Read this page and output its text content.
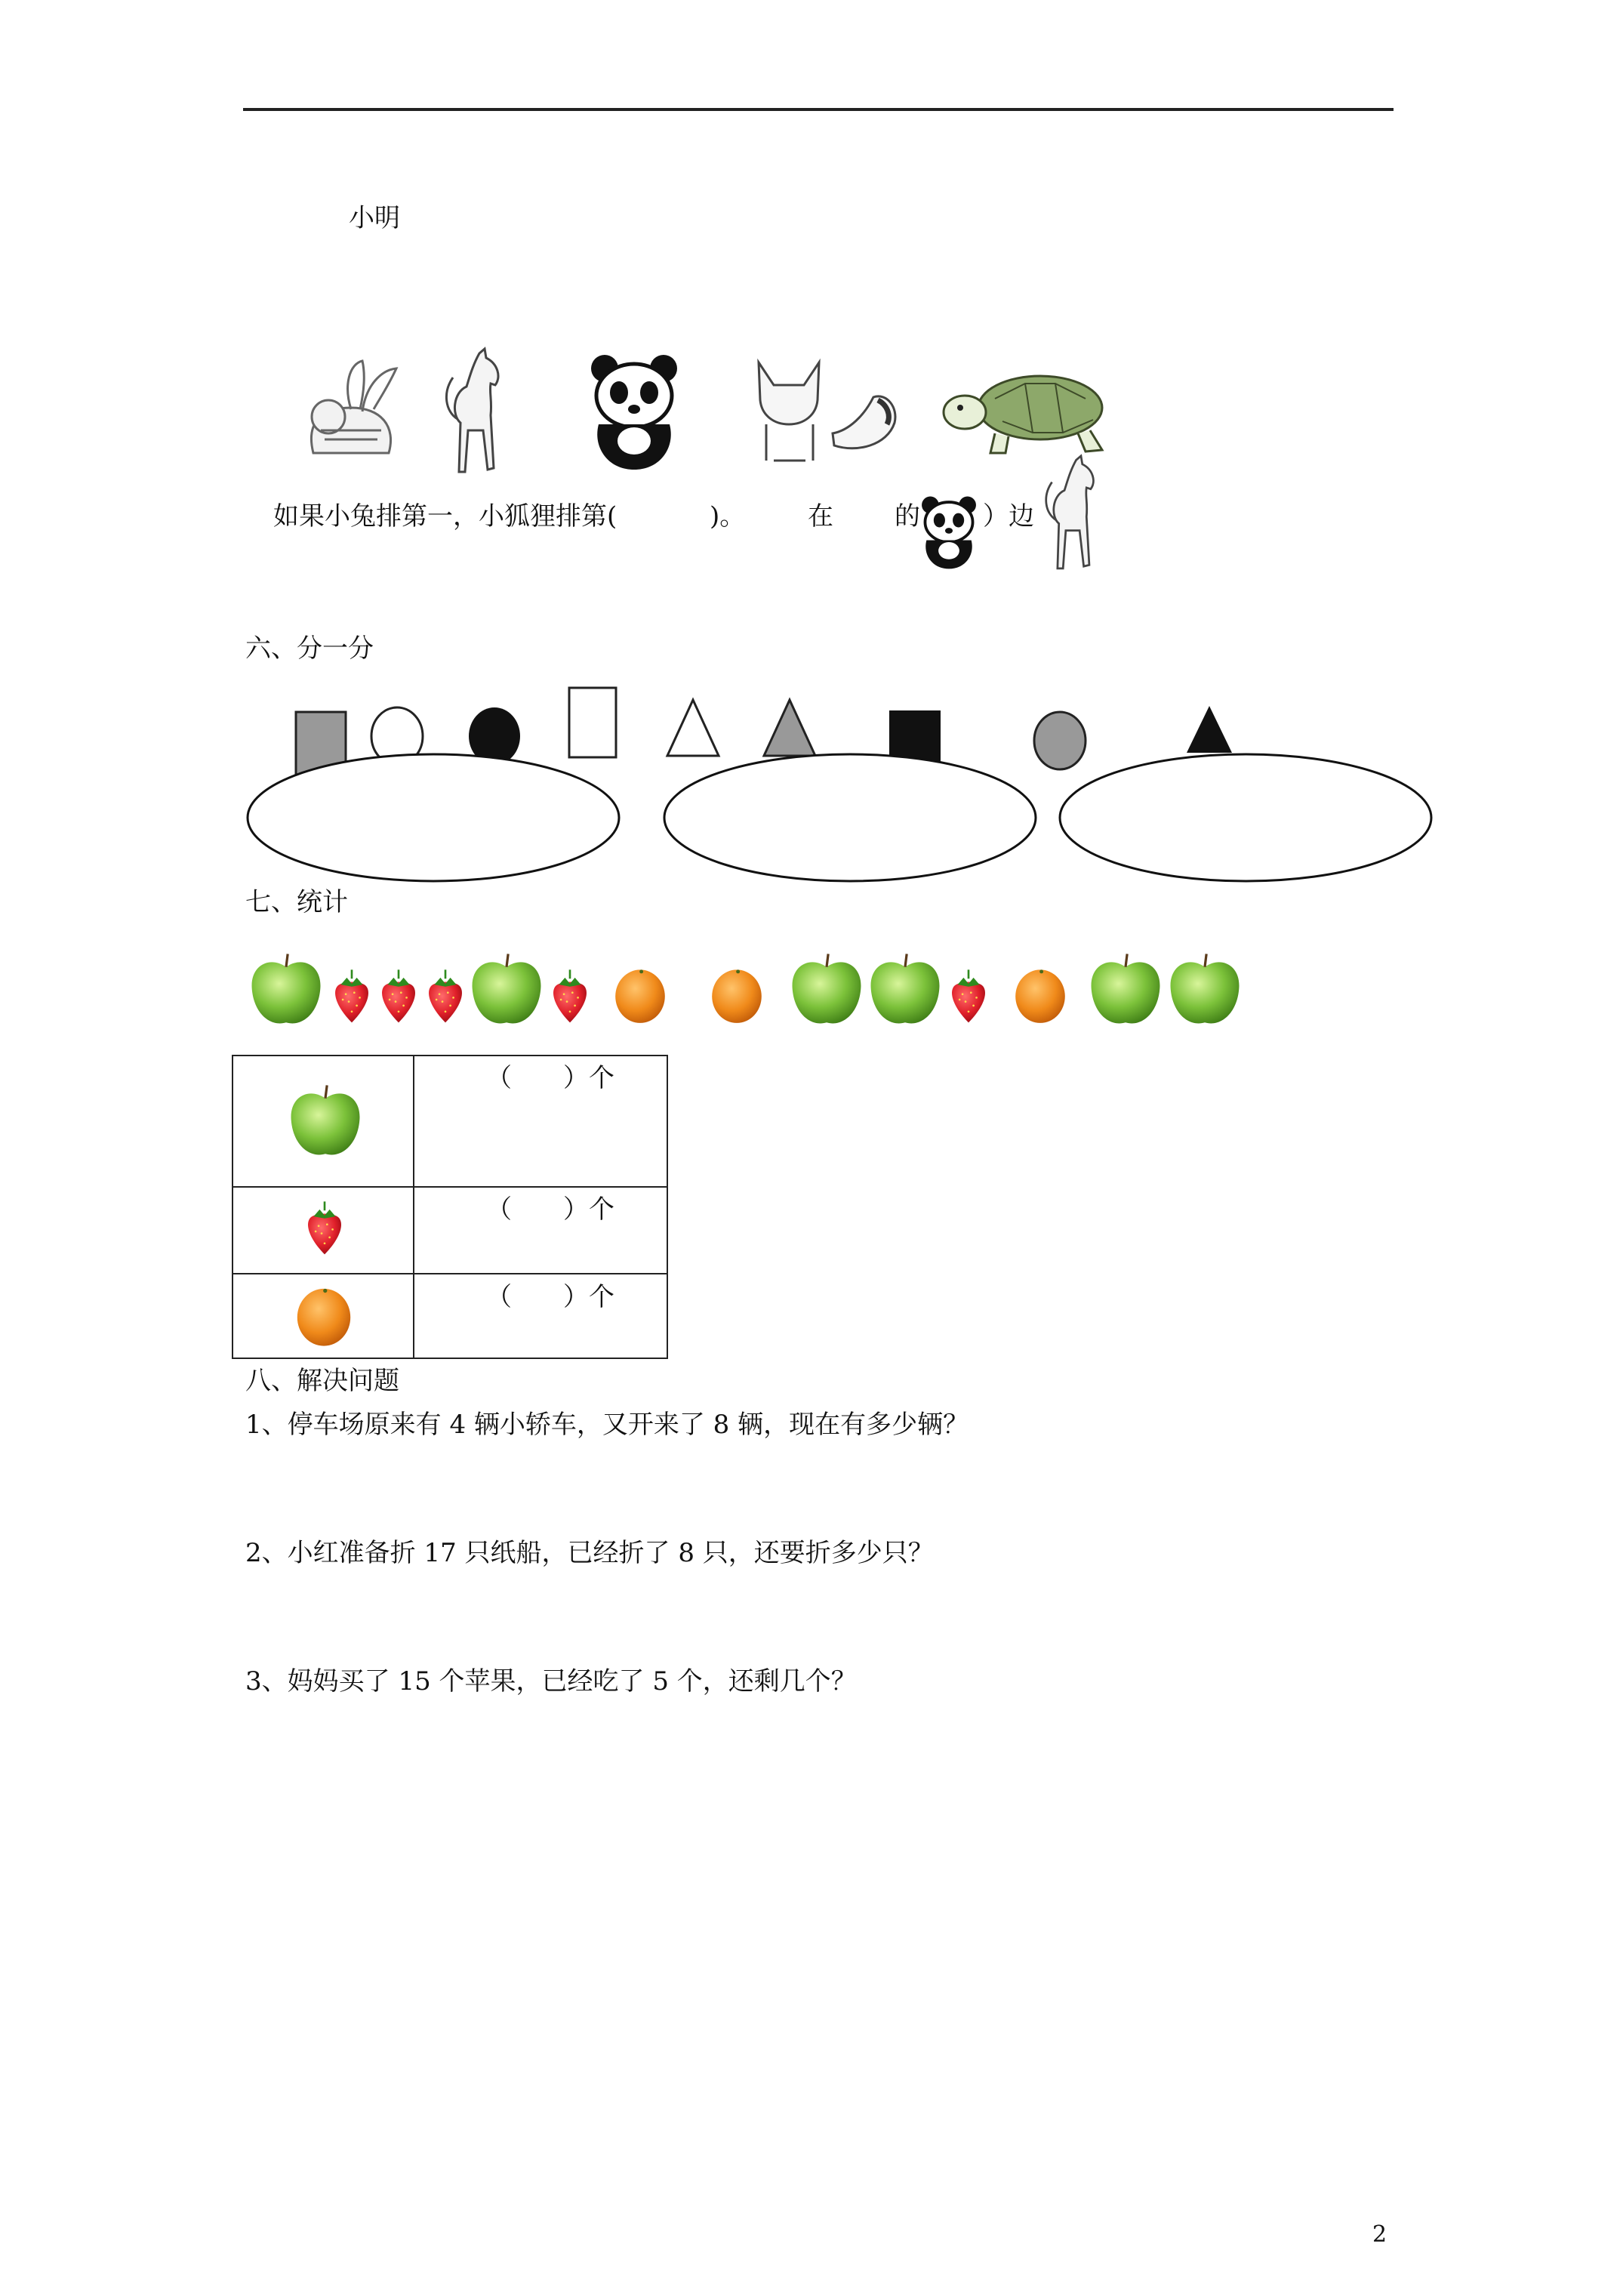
小明
如果小兔排第一，小狐狸排第(	)。 在 的 ）边
六、分一分
七、统计
（　　）个
（　　）个
（　　）个
八、解决问题
1、停车场原来有 4 辆小轿车，又开来了 8 辆，现在有多少辆？
2、小红准备折 17 只纸船，已经折了 8 只，还要折多少只？
3、妈妈买了 15 个苹果，已经吃了 5 个，还剩几个？
2
